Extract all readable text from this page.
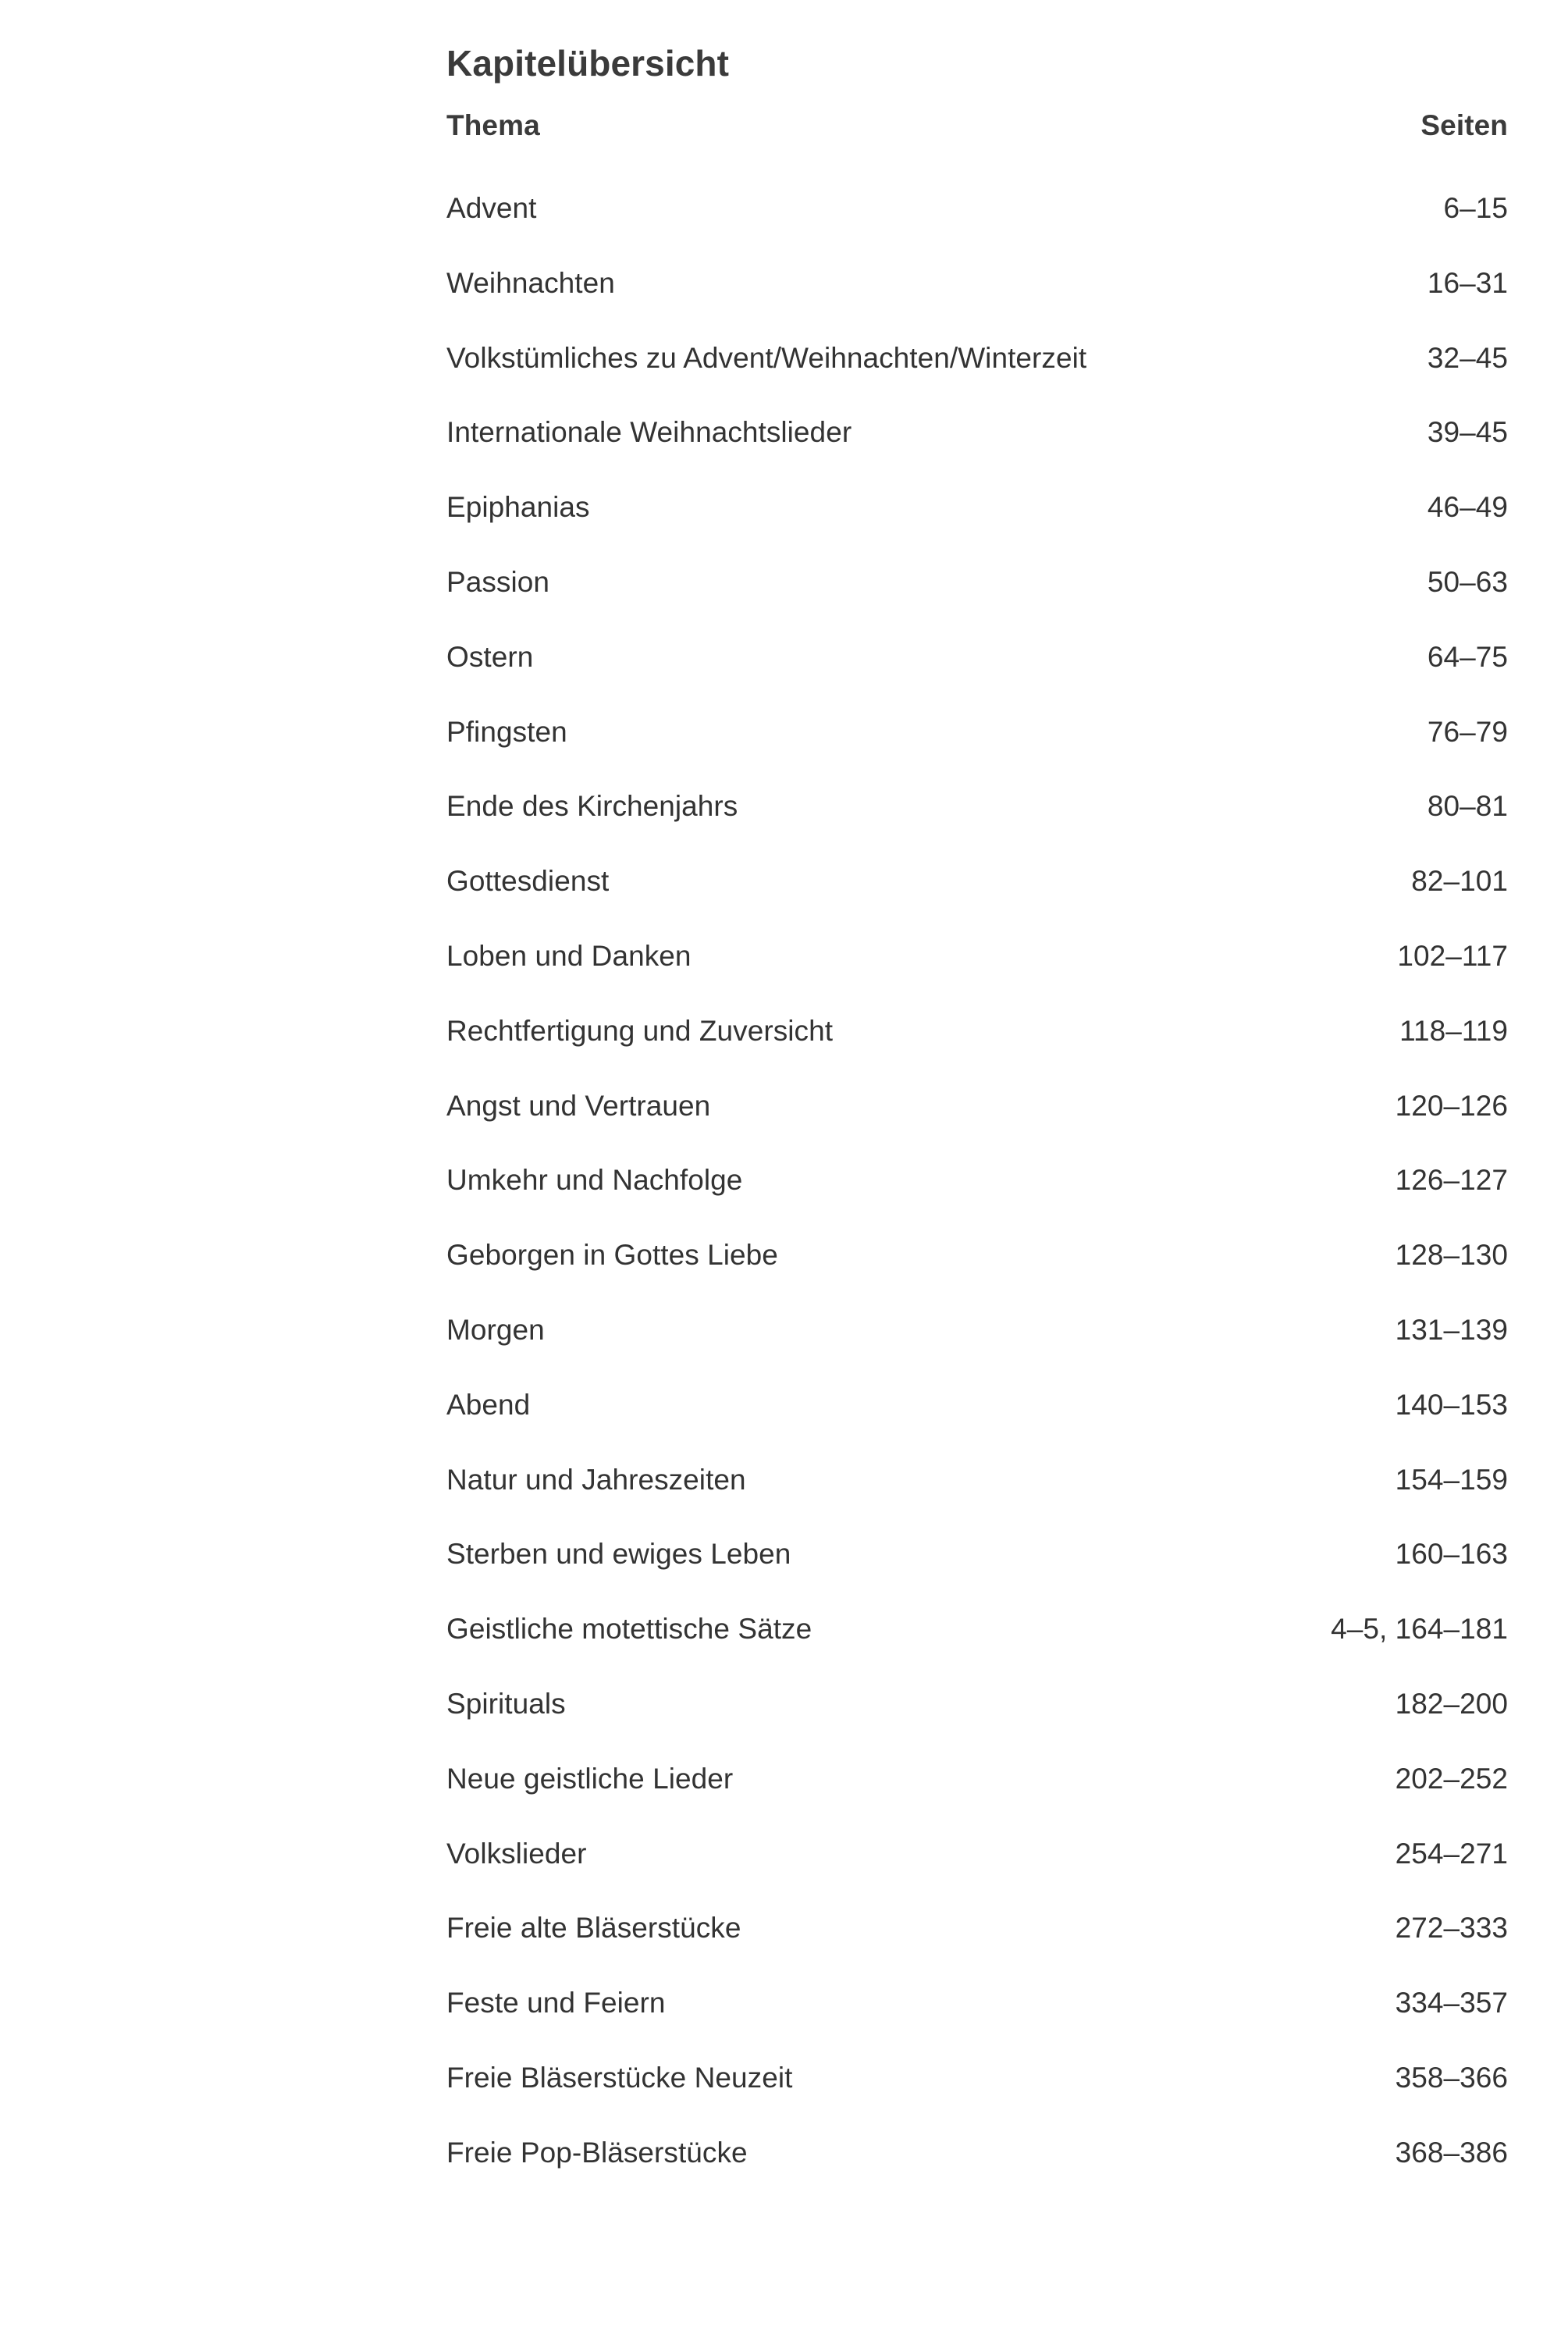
Kapitelübersicht
Thema	Seiten
Advent	6–15
Weihnachten	16–31
Volkstümliches zu Advent/Weihnachten/Winterzeit	32–45
Internationale Weihnachtslieder	39–45
Epiphanias	46–49
Passion	50–63
Ostern	64–75
Pfingsten	76–79
Ende des Kirchenjahrs	80–81
Gottesdienst	82–101
Loben und Danken	102–117
Rechtfertigung und Zuversicht	118–119
Angst und Vertrauen	120–126
Umkehr und Nachfolge	126–127
Geborgen in Gottes Liebe	128–130
Morgen	131–139
Abend	140–153
Natur und Jahreszeiten	154–159
Sterben und ewiges Leben	160–163
Geistliche motettische Sätze	4–5, 164–181
Spirituals	182–200
Neue geistliche Lieder	202–252
Volkslieder	254–271
Freie alte Bläserstücke	272–333
Feste und Feiern	334–357
Freie Bläserstücke Neuzeit	358–366
Freie Pop-Bläserstücke	368–386
